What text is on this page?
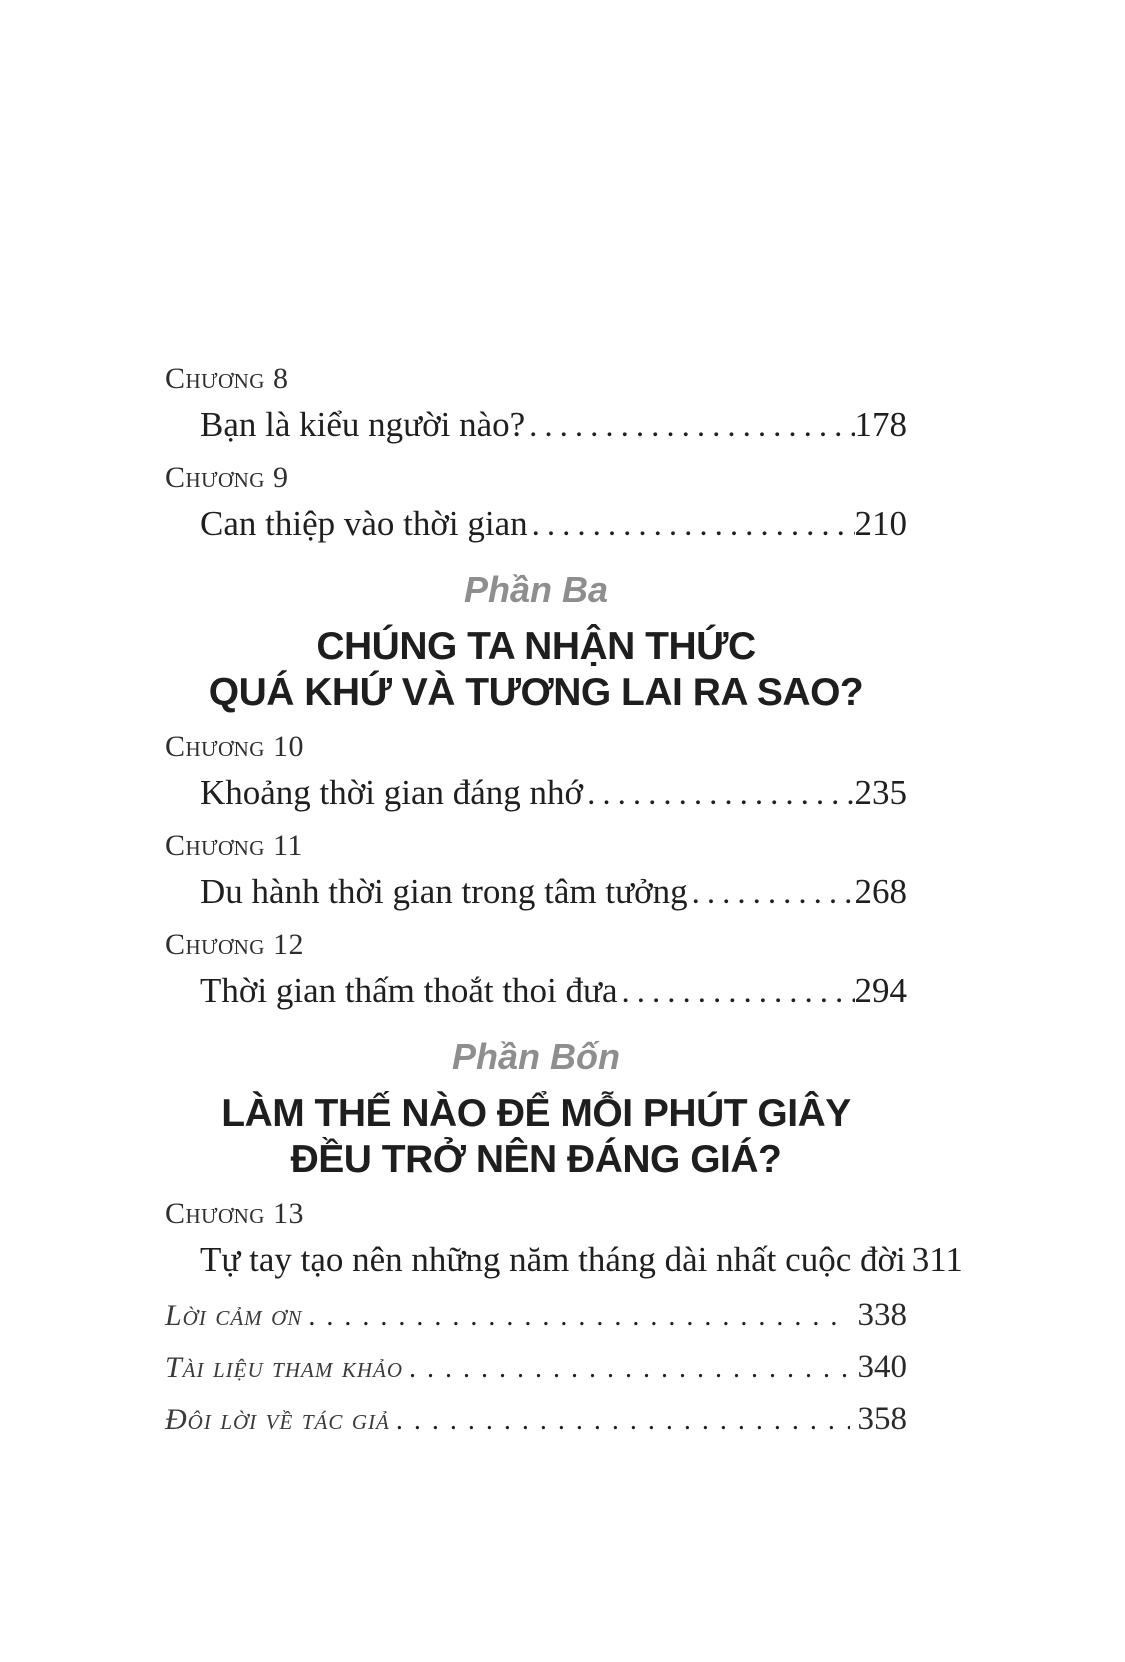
Chương 8
Bạn là kiểu người nào? .....	178
Chương 9
Can thiệp vào thời gian .....	210
Phần Ba
CHÚNG TA NHẬN THỨC
QUÁ KHỨ VÀ TƯƠNG LAI RA SAO?
Chương 10
Khoảng thời gian đáng nhớ .....	235
Chương 11
Du hành thời gian trong tâm tưởng .....	268
Chương 12
Thời gian thấm thoắt thoi đưa .....	294
Phần Bốn
LÀM THẾ NÀO ĐỂ MỖI PHÚT GIÂY
ĐỀU TRỞ NÊN ĐÁNG GIÁ?
Chương 13
Tự tay tạo nên những năm tháng dài nhất cuộc đời ..... 311
Lời cảm ơn .....	338
Tài liệu tham khảo .....	340
Đôi lời về tác giả .....	358
